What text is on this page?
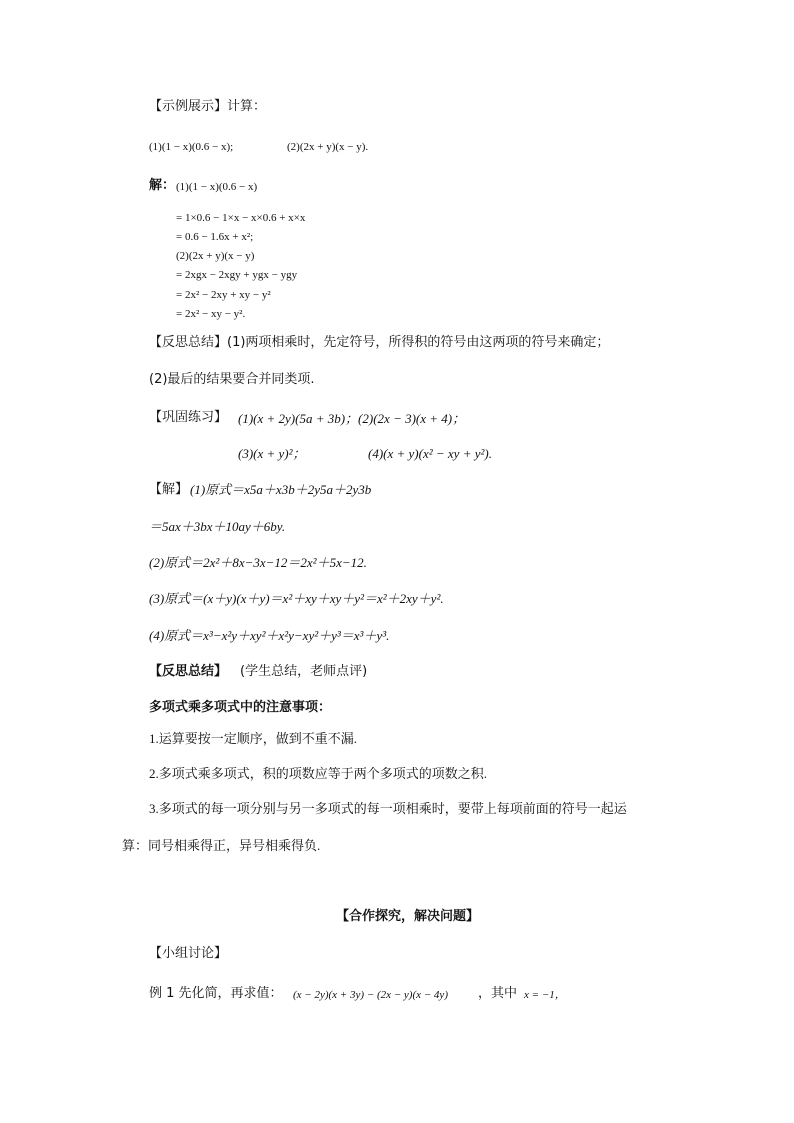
【示例展示】计算：
(1)(1 − x)(0.6 − x);	(2)(2x + y)(x − y).
解： (1)(1 − x)(0.6 − x)
= 1×0.6 − 1×x − x×0.6 + x×x
= 0.6 − 1.6x + x²;
(2)(2x + y)(x − y)
= 2xgx − 2xgy + ygx − ygy
= 2x² − 2xy + xy − y²
= 2x² − xy − y².
【反思总结】(1)两项相乘时，先定符号，所得积的符号由这两项的符号来确定；
(2)最后的结果要合并同类项.
【巩固练习】 (1)(x + 2y)(5a + 3b)；(2)(2x − 3)(x + 4)；
(3)(x + y)²；	(4)(x + y)(x² − xy + y²).
【解】 (1)原式＝x5a＋x3b＋2y5a＋2y3b
＝5ax＋3bx＋10ay＋6by.
(2)原式＝2x²＋8x−3x−12＝2x²＋5x−12.
(3)原式＝(x＋y)(x＋y)＝x²＋xy＋xy＋y²＝x²＋2xy＋y².
(4)原式＝x³−x²y＋xy²＋x²y−xy²＋y³＝x³＋y³.
【反思总结】 (学生总结，老师点评)
多项式乘多项式中的注意事项：
1.运算要按一定顺序，做到不重不漏.
2.多项式乘多项式，积的项数应等于两个多项式的项数之积.
3.多项式的每一项分别与另一多项式的每一项相乘时，要带上每项前面的符号一起运
算：同号相乘得正，异号相乘得负.
【合作探究，解决问题】
【小组讨论】
例 1 先化简，再求值： (x − 2y)(x + 3y) − (2x − y)(x − 4y) ，其中 x = −1，
